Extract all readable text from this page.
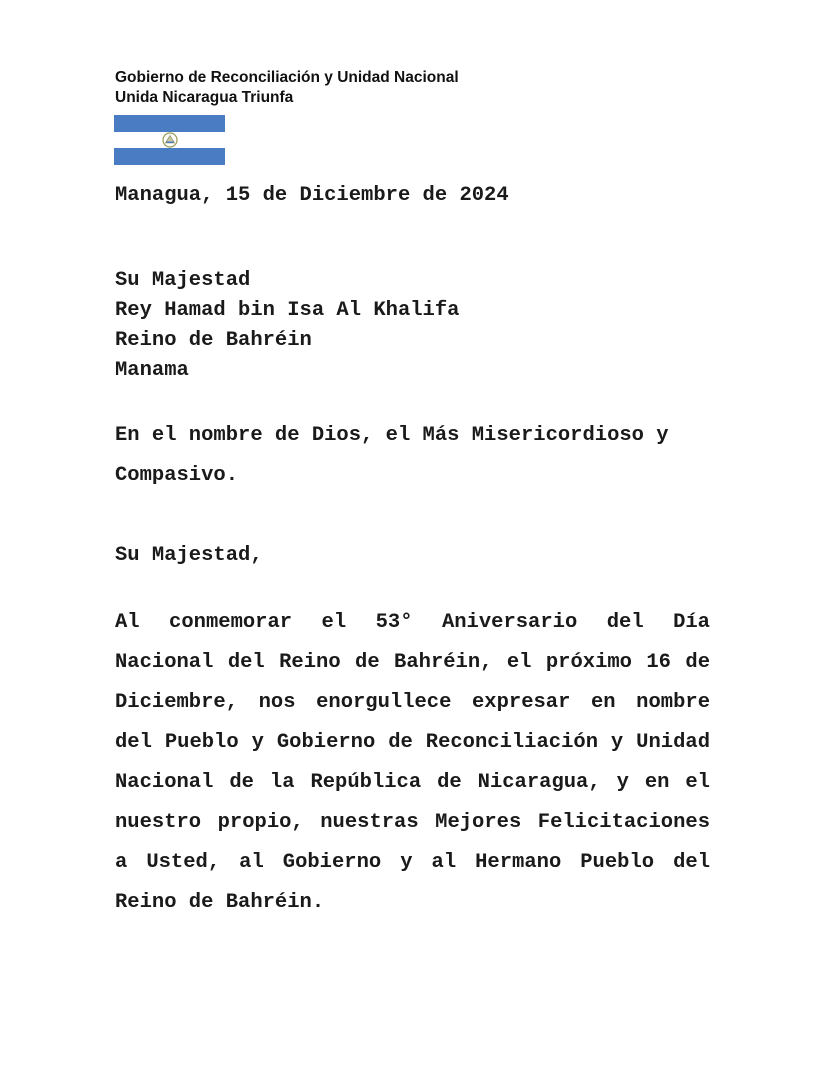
Gobierno de Reconciliación y Unidad Nacional
Unida Nicaragua Triunfa
Managua, 15 de Diciembre de 2024
Su Majestad
Rey Hamad bin Isa Al Khalifa
Reino de Bahréin
Manama
En el nombre de Dios, el Más Misericordioso y Compasivo.
Su Majestad,
Al conmemorar el 53° Aniversario del Día Nacional del Reino de Bahréin, el próximo 16 de Diciembre, nos enorgullece expresar en nombre del Pueblo y Gobierno de Reconciliación y Unidad Nacional de la República de Nicaragua, y en el nuestro propio, nuestras Mejores Felicitaciones a Usted, al Gobierno y al Hermano Pueblo del Reino de Bahréin.
